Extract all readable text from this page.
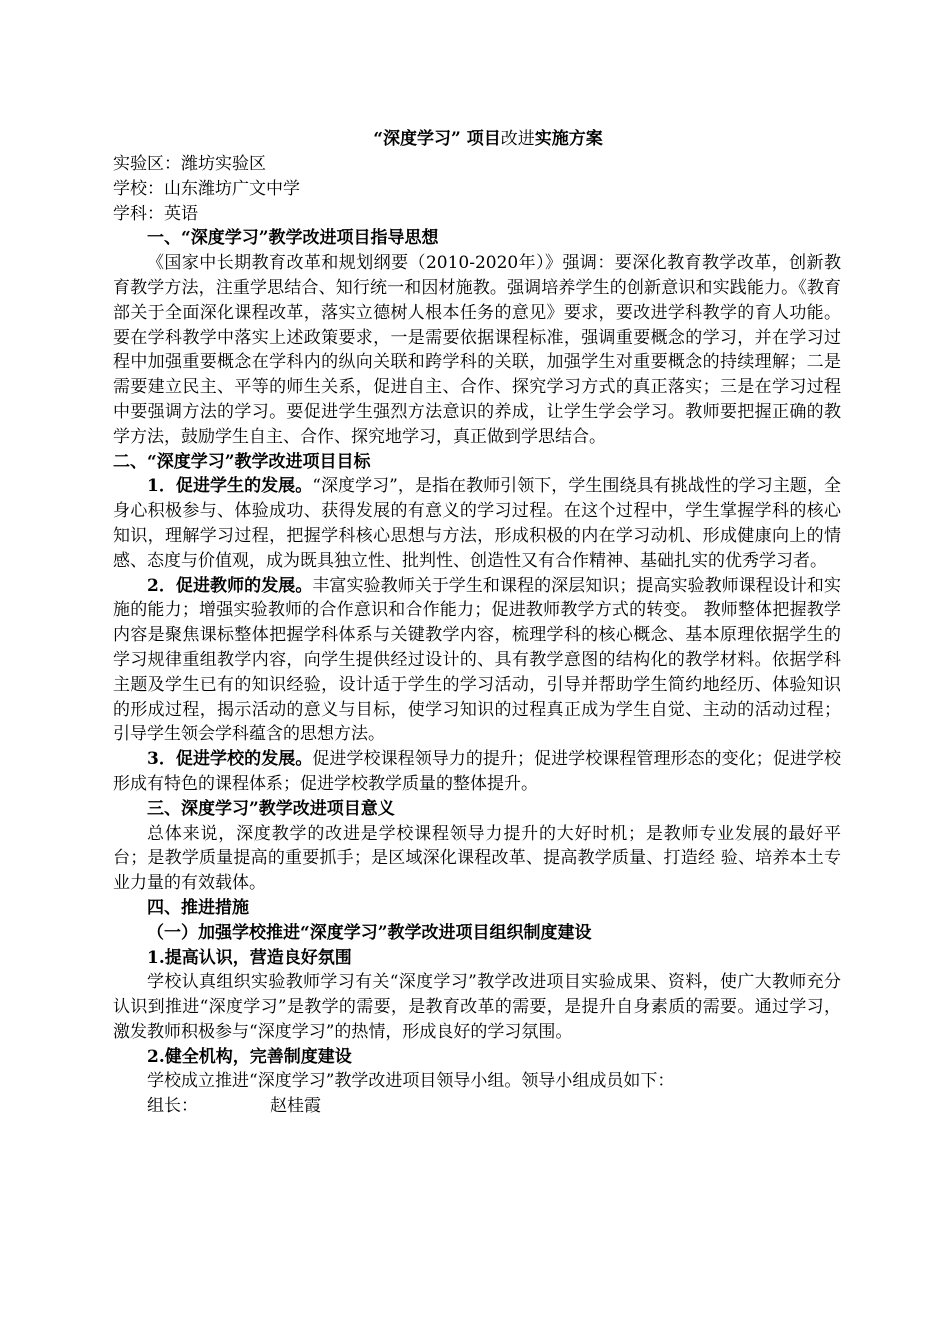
“深度学习” 项目改进实施方案

实验区：潍坊实验区

学校：山东潍坊广文中学

学科：英语

一、“深度学习”教学改进项目指导思想

《国家中长期教育改革和规划纲要（2010-2020年）》强调：要深化教育教学改革，创新教育教学方法，注重学思结合、知行统一和因材施教。强调培养学生的创新意识和实践能力。《教育部关于全面深化课程改革，落实立德树人根本任务的意见》要求，要改进学科教学的育人功能。要在学科教学中落实上述政策要求，一是需要依据课程标准，强调重要概念的学习，并在学习过程中加强重要概念在学科内的纵向关联和跨学科的关联，加强学生对重要概念的持续理解；二是需要建立民主、平等的师生关系，促进自主、合作、探究学习方式的真正落实；三是在学习过程中要强调方法的学习。要促进学生强烈方法意识的养成，让学生学会学习。教师要把握正确的教学方法，鼓励学生自主、合作、探究地学习，真正做到学思结合。

二、“深度学习”教学改进项目目标

1．促进学生的发展。“深度学习”，是指在教师引领下，学生围绕具有挑战性的学习主题，全身心积极参与、体验成功、获得发展的有意义的学习过程。在这个过程中，学生掌握学科的核心知识，理解学习过程，把握学科核心思想与方法，形成积极的内在学习动机、形成健康向上的情感、态度与价值观，成为既具独立性、批判性、创造性又有合作精神、基础扎实的优秀学习者。

2．促进教师的发展。丰富实验教师关于学生和课程的深层知识；提高实验教师课程设计和实施的能力；增强实验教师的合作意识和合作能力；促进教师教学方式的转变。 教师整体把握教学内容是聚焦课标整体把握学科体系与关键教学内容，梳理学科的核心概念、基本原理依据学生的学习规律重组教学内容，向学生提供经过设计的、具有教学意图的结构化的教学材料。依据学科主题及学生已有的知识经验，设计适于学生的学习活动，引导并帮助学生简约地经历、体验知识的形成过程，揭示活动的意义与目标，使学习知识的过程真正成为学生自觉、主动的活动过程；引导学生领会学科蕴含的思想方法。

3．促进学校的发展。促进学校课程领导力的提升；促进学校课程管理形态的变化；促进学校形成有特色的课程体系；促进学校教学质量的整体提升。

三、深度学习”教学改进项目意义

总体来说，深度教学的改进是学校课程领导力提升的大好时机；是教师专业发展的最好平台；是教学质量提高的重要抓手；是区域深化课程改革、提高教学质量、打造经 验、培养本土专业力量的有效载体。

四、推进措施

（一）加强学校推进“深度学习”教学改进项目组织制度建设

1.提高认识，营造良好氛围

学校认真组织实验教师学习有关“深度学习”教学改进项目实验成果、资料，使广大教师充分认识到推进“深度学习”是教学的需要，是教育改革的需要，是提升自身素质的需要。通过学习，激发教师积极参与“深度学习”的热情，形成良好的学习氛围。

2.健全机构，完善制度建设

学校成立推进“深度学习”教学改进项目领导小组。领导小组成员如下：

组长：	赵桂霞
